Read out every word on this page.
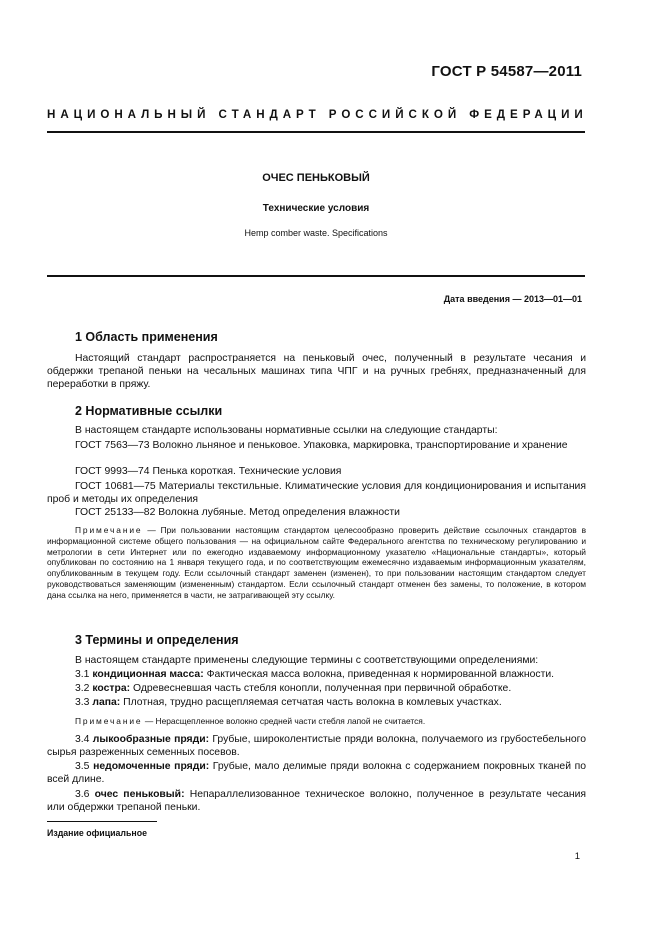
ГОСТ Р 54587—2011
НАЦИОНАЛЬНЫЙ СТАНДАРТ РОССИЙСКОЙ ФЕДЕРАЦИИ
ОЧЕС ПЕНЬКОВЫЙ
Технические условия
Hemp comber waste. Specifications
Дата введения — 2013—01—01
1 Область применения

Настоящий стандарт распространяется на пеньковый очес, полученный в результате чесания и обдержки трепаной пеньки на чесальных машинах типа ЧПГ и на ручных гребнях, предназначенный для переработки в пряжу.

2 Нормативные ссылки
В настоящем стандарте использованы нормативные ссылки на следующие стандарты:

ГОСТ 7563—73 Волокно льняное и пеньковое. Упаковка, маркировка, транспортирование и хранение

ГОСТ 9993—74 Пенька короткая. Технические условия

ГОСТ 10681—75 Материалы текстильные. Климатические условия для кондиционирования и испытания проб и методы их определения

ГОСТ 25133—82 Волокна лубяные. Метод определения влажности

Примечание — При пользовании настоящим стандартом целесообразно проверить действие ссылочных стандартов в информационной системе общего пользования — на официальном сайте Федерального агентства по техническому регулированию и метрологии в сети Интернет или по ежегодно издаваемому информационному указателю «Национальные стандарты», который опубликован по состоянию на 1 января текущего года, и по соответствующим ежемесячно издаваемым информационным указателям, опубликованным в текущем году. Если ссылочный стандарт заменен (изменен), то при пользовании настоящим стандартом следует руководствоваться заменяющим (измененным) стандартом. Если ссылочный стандарт отменен без замены, то положение, в котором дана ссылка на него, применяется в части, не затрагивающей эту ссылку.

3 Термины и определения
В настоящем стандарте применены следующие термины с соответствующими определениями:
3.1 кондиционная масса: Фактическая масса волокна, приведенная к нормированной влажности.
3.2 костра: Одревесневшая часть стебля конопли, полученная при первичной обработке.
3.3 лапа: Плотная, трудно расщепляемая сетчатая часть волокна в комлевых участках.

Примечание — Нерасщепленное волокно средней части стебля лапой не считается.

3.4 лыкообразные пряди: Грубые, широколентистые пряди волокна, получаемого из грубостебельного сырья разреженных семенных посевов.

3.5 недомоченные пряди: Грубые, мало делимые пряди волокна с содержанием покровных тканей по всей длине.

3.6 очес пеньковый: Непараллелизованное техническое волокно, полученное в результате чесания или обдержки трепаной пеньки.

Издание официальное
1
